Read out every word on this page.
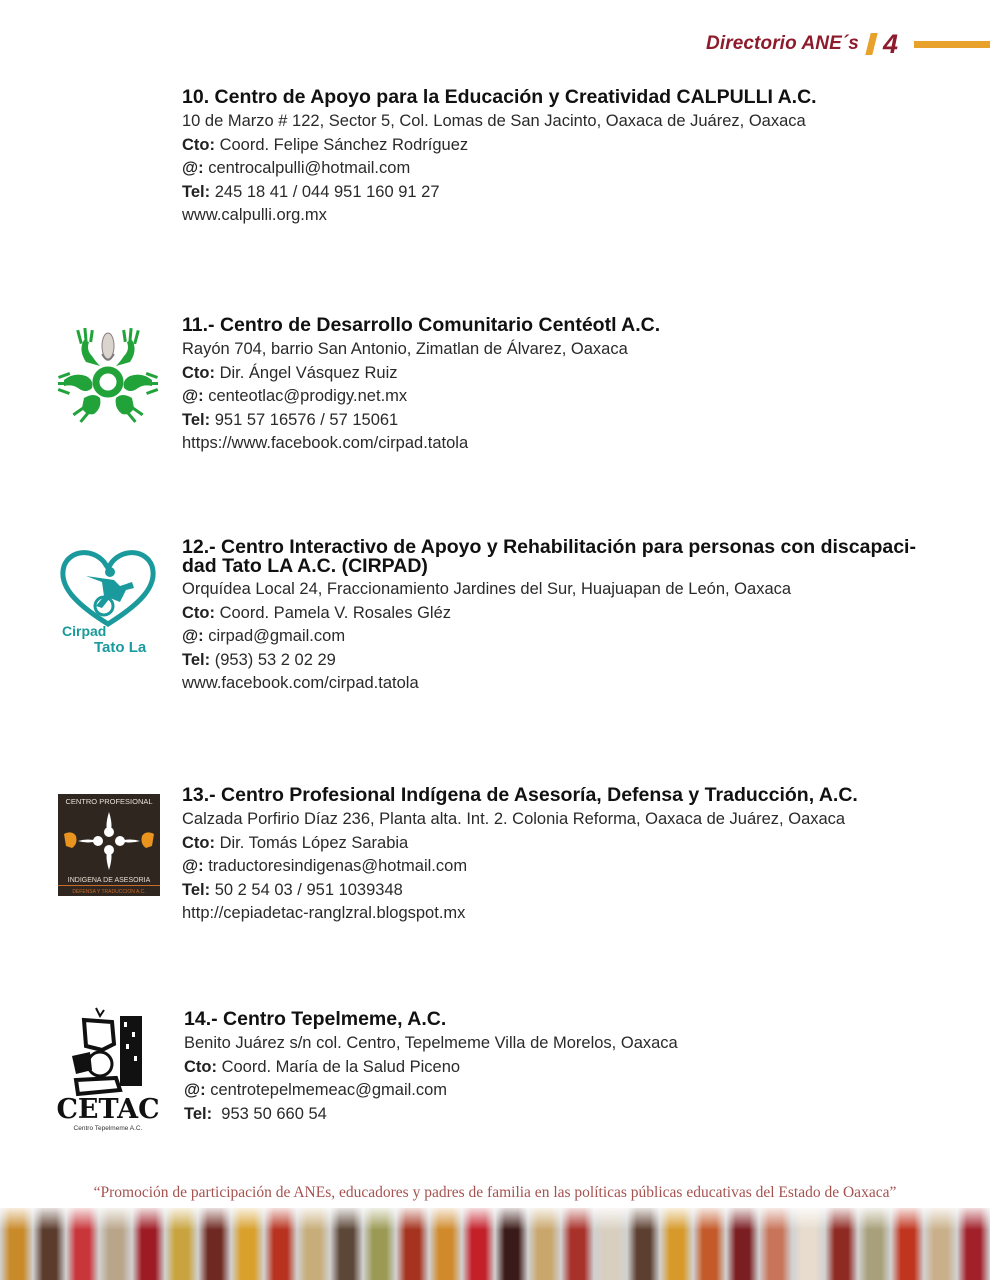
Directorio ANE´s 4
10. Centro de Apoyo para la Educación y Creatividad CALPULLI A.C.
10 de Marzo # 122, Sector 5, Col. Lomas de San Jacinto, Oaxaca de Juárez, Oaxaca
Cto: Coord. Felipe Sánchez Rodríguez
@: centrocalpulli@hotmail.com
Tel: 245 18 41 / 044 951 160 91 27
www.calpulli.org.mx
11.- Centro de Desarrollo Comunitario Centéotl A.C.
Rayón 704, barrio San Antonio, Zimatlan de Álvarez, Oaxaca
Cto: Dir. Ángel Vásquez Ruiz
@: centeotlac@prodigy.net.mx
Tel: 951 57 16576 / 57 15061
https://www.facebook.com/cirpad.tatola
Cirpad
Tato La
12.- Centro Interactivo de Apoyo y Rehabilitación para personas con discapaci-
dad Tato LA A.C. (CIRPAD)
Orquídea Local 24, Fraccionamiento Jardines del Sur, Huajuapan de León, Oaxaca
Cto: Coord. Pamela V. Rosales Gléz
@: cirpad@gmail.com
Tel: (953) 53 2 02 29
www.facebook.com/cirpad.tatola
CENTRO PROFESIONAL
INDIGENA DE ASESORIA
DEFENSA Y TRADUCCION A.C.
13.- Centro Profesional Indígena de Asesoría, Defensa y Traducción, A.C.
Calzada Porfirio Díaz 236, Planta alta. Int. 2. Colonia Reforma, Oaxaca de Juárez, Oaxaca
Cto: Dir. Tomás López Sarabia
@: traductoresindigenas@hotmail.com
Tel: 50 2 54 03 / 951 1039348
http://cepiadetac-ranglzral.blogspot.mx
CETAC
Centro Tepelmeme A.C.
14.- Centro Tepelmeme, A.C.
Benito Juárez s/n col. Centro, Tepelmeme Villa de Morelos, Oaxaca
Cto: Coord. María de la Salud Piceno
@: centrotepelmemeac@gmail.com
Tel:  953 50 660 54
“Promoción de participación de ANEs, educadores y padres de familia en las políticas públicas educativas del Estado de Oaxaca”
